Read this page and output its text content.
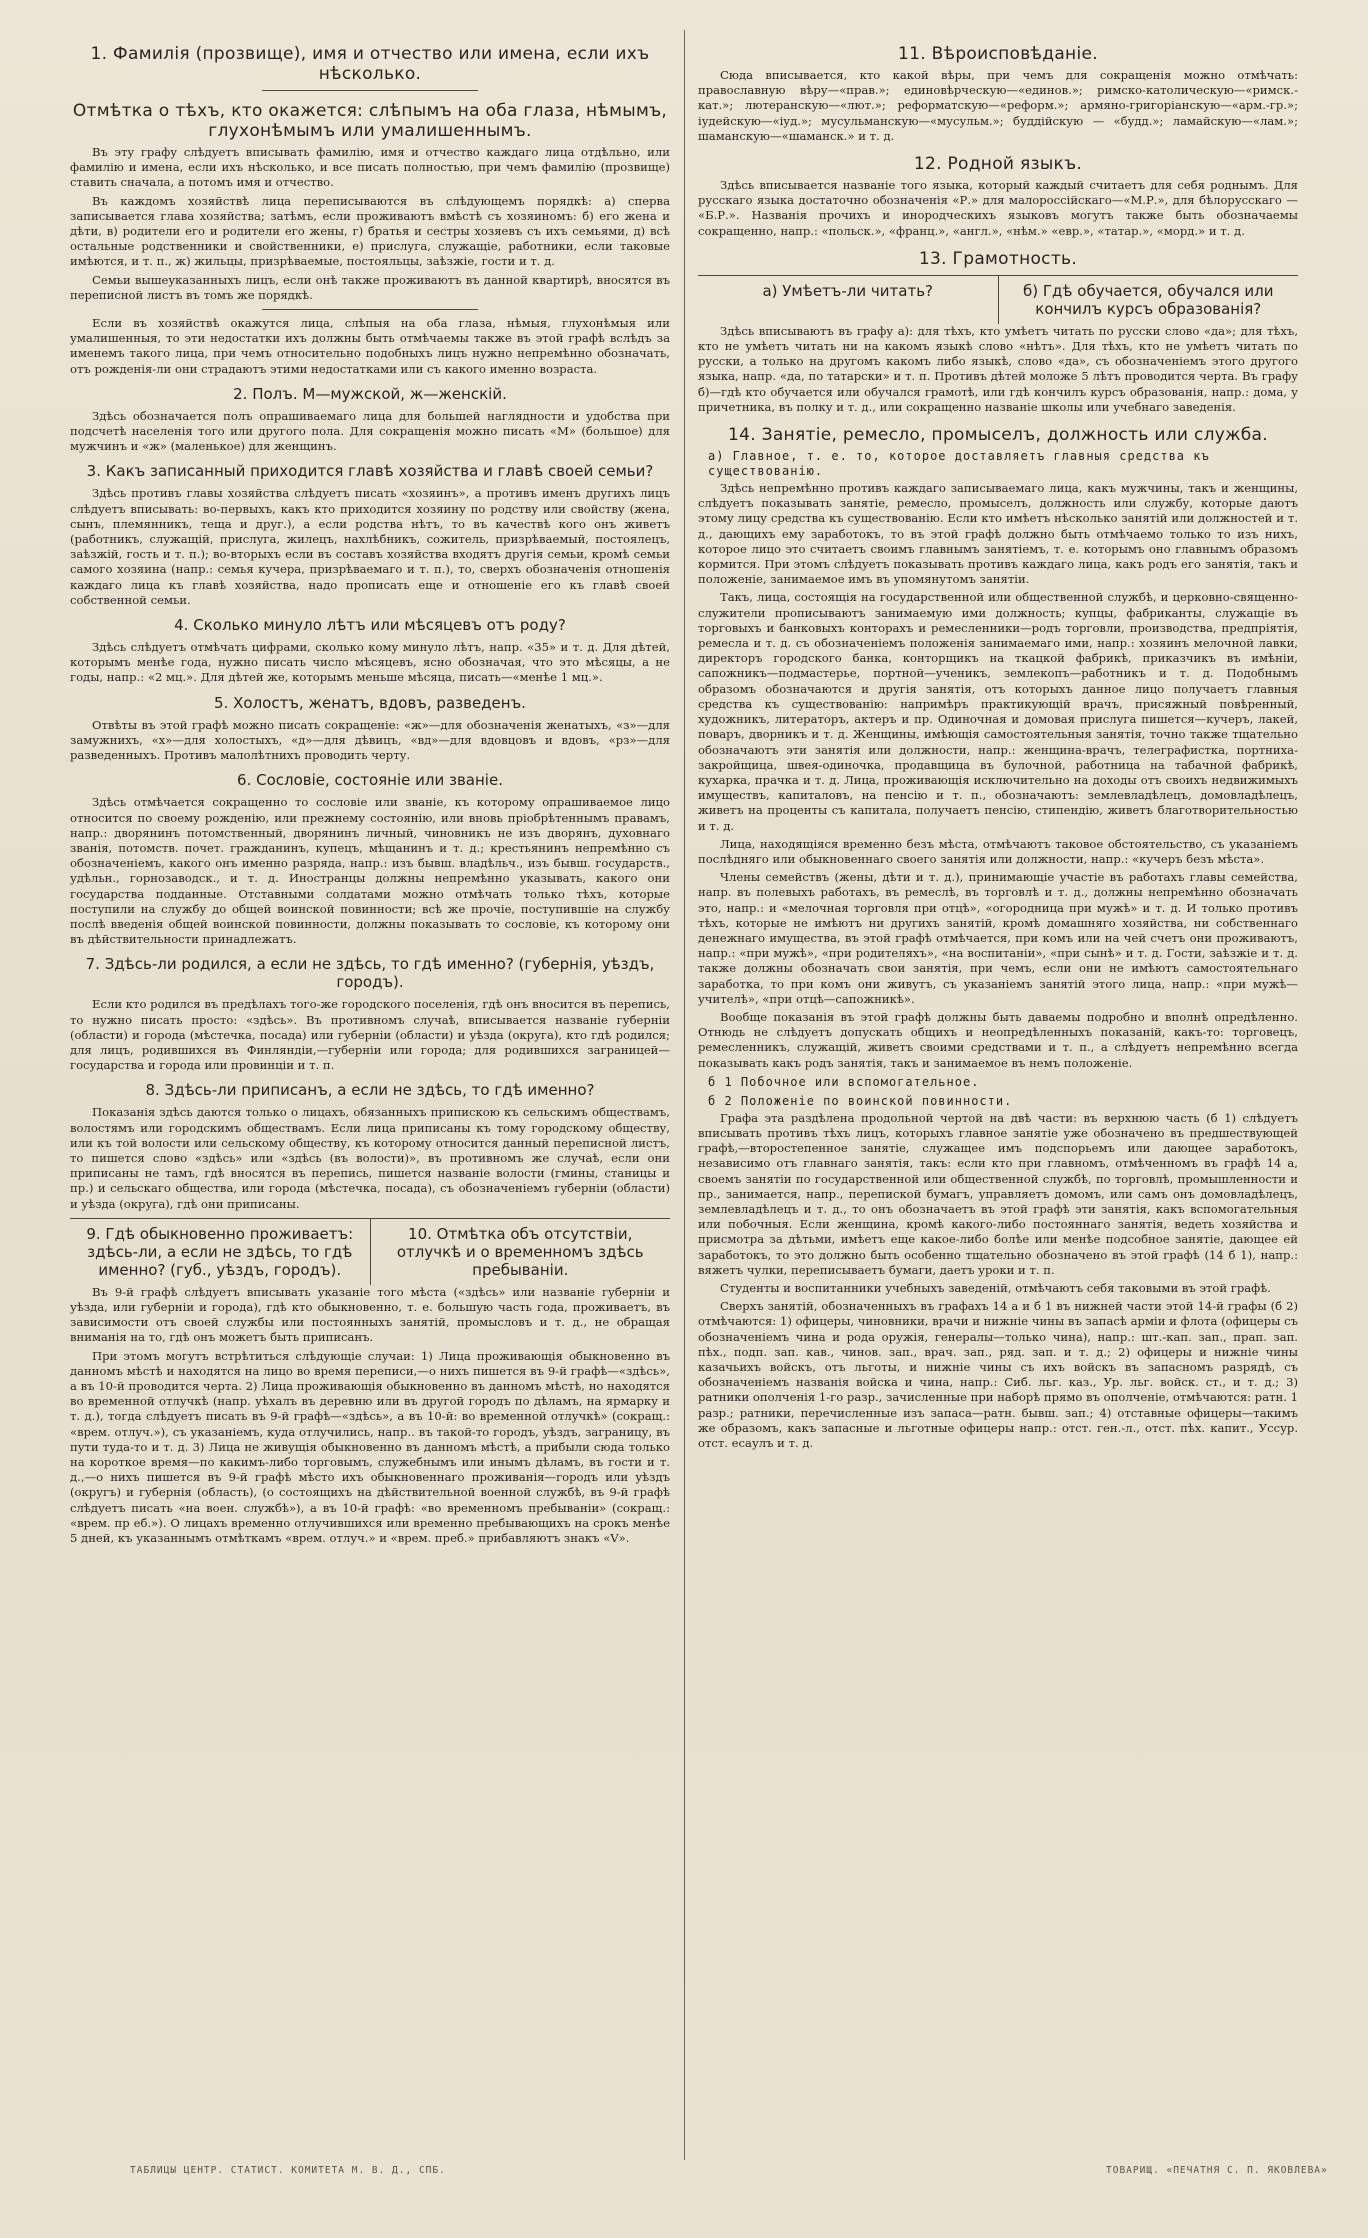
1. Фамилія (прозвище), имя и отчество или имена, если ихъ нѣсколько.
Отмѣтка о тѣхъ, кто окажется: слѣпымъ на оба глаза, нѣмымъ, глухонѣмымъ или умалишеннымъ.

Въ эту графу слѣдуетъ вписывать фамилію, имя и отчество каждаго лица отдѣльно, или фамилію и имена, если ихъ нѣсколько, и все писать полностью, при чемъ фамилію (прозвище) ставить сначала, а потомъ имя и отчество.

Въ каждомъ хозяйствѣ лица переписываются въ слѣдующемъ порядкѣ: а) сперва записывается глава хозяйства; затѣмъ, если проживаютъ вмѣстѣ съ хозяиномъ: б) его жена и дѣти, в) родители его и родители его жены, г) братья и сестры хозяевъ съ ихъ семьями, д) всѣ остальные родственники и свойственники, е) прислуга, служащіе, работники, если таковые имѣются, и т. п., ж) жильцы, призрѣваемые, постояльцы, заѣзжіе, гости и т. д.

Семьи вышеуказанныхъ лицъ, если онѣ также проживаютъ въ данной квартирѣ, вносятся въ переписной листъ въ томъ же порядкѣ.

Если въ хозяйствѣ окажутся лица, слѣпыя на оба глаза, нѣмыя, глухонѣмыя или умалишенныя, то эти недостатки ихъ должны быть отмѣчаемы также въ этой графѣ вслѣдъ за именемъ такого лица, при чемъ относительно подобныхъ лицъ нужно непремѣнно обозначать, отъ рожденія-ли они страдаютъ этими недостатками или съ какого именно возраста.

2. Полъ. М—мужской, ж—женскій.

Здѣсь обозначается полъ опрашиваемаго лица для большей наглядности и удобства при подсчетѣ населенія того или другого пола. Для сокращенія можно писать «М» (большое) для мужчинъ и «ж» (маленькое) для женщинъ.

3. Какъ записанный приходится главѣ хозяйства и главѣ своей семьи?

Здѣсь противъ главы хозяйства слѣдуетъ писать «хозяинъ», а противъ именъ другихъ лицъ слѣдуетъ вписывать: во-первыхъ, какъ кто приходится хозяину по родству или свойству (жена, сынъ, племянникъ, теща и друг.), а если родства нѣтъ, то въ качествѣ кого онъ живетъ (работникъ, служащій, прислуга, жилецъ, нахлѣбникъ, сожитель, призрѣваемый, постоялецъ, заѣзжій, гость и т. п.); во-вторыхъ если въ составъ хозяйства входятъ другія семьи, кромѣ семьи самого хозяина (напр.: семья кучера, призрѣваемаго и т. п.), то, сверхъ обозначенія отношенія каждаго лица къ главѣ хозяйства, надо прописать еще и отношеніе его къ главѣ своей собственной семьи.

4. Сколько минуло лѣтъ или мѣсяцевъ отъ роду?

Здѣсь слѣдуетъ отмѣчать цифрами, сколько кому минуло лѣтъ, напр. «35» и т. д. Для дѣтей, которымъ менѣе года, нужно писать число мѣсяцевъ, ясно обозначая, что это мѣсяцы, а не годы, напр.: «2 мц.». Для дѣтей же, которымъ меньше мѣсяца, писать—«менѣе 1 мц.».

5. Холостъ, женатъ, вдовъ, разведенъ.

Отвѣты въ этой графѣ можно писать сокращеніе: «ж»—для обозначенія женатыхъ, «з»—для замужнихъ, «х»—для холостыхъ, «д»—для дѣвицъ, «вд»—для вдовцовъ и вдовъ, «рз»—для разведенныхъ. Противъ малолѣтнихъ проводить черту.

6. Сословіе, состояніе или званіе.

Здѣсь отмѣчается сокращенно то сословіе или званіе, къ которому опрашиваемое лицо относится по своему рожденію, или прежнему состоянію, или вновь пріобрѣтеннымъ правамъ, напр.: дворянинъ потомственный, дворянинъ личный, чиновникъ не изъ дворянъ, духовнаго званія, потомств. почет. гражданинъ, купецъ, мѣщанинъ и т. д.; крестьянинъ непремѣнно съ обозначеніемъ, какого онъ именно разряда, напр.: изъ бывш. владѣльч., изъ бывш. государств., удѣльн., горнозаводск., и т. д. Иностранцы должны непремѣнно указывать, какого они государства подданные. Отставными солдатами можно отмѣчать только тѣхъ, которые поступили на службу до общей воинской повинности; всѣ же прочіе, поступившіе на службу послѣ введенія общей воинской повинности, должны показывать то сословіе, къ которому они въ дѣйствительности принадлежатъ.

7. Здѣсь-ли родился, а если не здѣсь, то гдѣ именно? (губернія, уѣздъ, городъ).

Если кто родился въ предѣлахъ того-же городского поселенія, гдѣ онъ вносится въ перепись, то нужно писать просто: «здѣсь». Въ противномъ случаѣ, вписывается названіе губерніи (области) и города (мѣстечка, посада) или губерніи (области) и уѣзда (округа), кто гдѣ родился; для лицъ, родившихся въ Финляндіи,—губерніи или города; для родившихся заграницей—государства и города или провинціи и т. п.

8. Здѣсь-ли приписанъ, а если не здѣсь, то гдѣ именно?

Показанія здѣсь даются только о лицахъ, обязанныхъ припискою къ сельскимъ обществамъ, волостямъ или городскимъ обществамъ. Если лица приписаны къ тому городскому обществу, или къ той волости или сельскому обществу, къ которому относится данный переписной листъ, то пишется слово «здѣсь» или «здѣсь (въ волости)», въ противномъ же случаѣ, если они приписаны не тамъ, гдѣ вносятся въ перепись, пишется названіе волости (гмины, станицы и пр.) и сельскаго общества, или города (мѣстечка, посада), съ обозначеніемъ губерніи (области) и уѣзда (округа), гдѣ они приписаны.

9. Гдѣ обыкновенно проживаетъ: здѣсь-ли, а если не здѣсь, то гдѣ именно? (губ., уѣздъ, городъ).
10. Отмѣтка объ отсутствіи, отлучкѣ и о временномъ здѣсь пребываніи.

Въ 9-й графѣ слѣдуетъ вписывать указаніе того мѣста («здѣсь» или названіе губерніи и уѣзда, или губерніи и города), гдѣ кто обыкновенно, т. е. большую часть года, проживаетъ, въ зависимости отъ своей службы или постоянныхъ занятій, промысловъ и т. д., не обращая вниманія на то, гдѣ онъ можетъ быть приписанъ.

При этомъ могутъ встрѣтиться слѣдующіе случаи: 1) Лица проживающія обыкновенно въ данномъ мѣстѣ и находятся на лицо во время переписи,—о нихъ пишется въ 9-й графѣ—«здѣсь», а въ 10-й проводится черта. 2) Лица проживающія обыкновенно въ данномъ мѣстѣ, но находятся во временной отлучкѣ (напр. уѣхалъ въ деревню или въ другой городъ по дѣламъ, на ярмарку и т. д.), тогда слѣдуетъ писать въ 9-й графѣ—«здѣсь», а въ 10-й: во временной отлучкѣ» (сокращ.: «врем. отлуч.»), съ указаніемъ, куда отлучились, напр.. въ такой-то городъ, уѣздъ, заграницу, въ пути туда-то и т. д. 3) Лица не живущія обыкновенно въ данномъ мѣстѣ, а прибыли сюда только на короткое время—по какимъ-либо торговымъ, служебнымъ или инымъ дѣламъ, въ гости и т. д.,—о нихъ пишется въ 9-й графѣ мѣсто ихъ обыкновеннаго проживанія—городъ или уѣздъ (округъ) и губернія (область), (о состоящихъ на дѣйствительной военной службѣ, въ 9-й графѣ слѣдуетъ писать «на воен. службѣ»), а въ 10-й графѣ: «во временномъ пребываніи» (сокращ.: «врем. пр еб.»). О лицахъ временно отлучившихся или временно пребывающихъ на срокъ менѣе 5 дней, къ указаннымъ отмѣткамъ «врем. отлуч.» и «врем. преб.» прибавляютъ знакъ «V».

11. Вѣроисповѣданіе.

Сюда вписывается, кто какой вѣры, при чемъ для сокращенія можно отмѣчать: православную вѣру—«прав.»; единовѣрческую—«единов.»; римско-католическую—«римск.-кат.»; лютеранскую—«лют.»; реформатскую—«реформ.»; армяно-григоріанскую—«арм.-гр.»; іудейскую—«іуд.»; мусульманскую—«мусульм.»; буддійскую — «будд.»; ламайскую—«лам.»; шаманскую—«шаманск.» и т. д.

12. Родной языкъ.

Здѣсь вписывается названіе того языка, который каждый считаетъ для себя роднымъ. Для русскаго языка достаточно обозначенія «Р.» для малороссійскаго—«М.Р.», для бѣлорусскаго — «Б.Р.». Названія прочихъ и инородческихъ языковъ могутъ также быть обозначаемы сокращенно, напр.: «польск.», «франц.», «англ.», «нѣм.» «евр.», «татар.», «морд.» и т. д.

13. Грамотность.
а) Умѣетъ-ли читать?	б) Гдѣ обучается, обучался или кончилъ курсъ образованія?

Здѣсь вписываютъ въ графу а): для тѣхъ, кто умѣетъ читать по русски слово «да»; для тѣхъ, кто не умѣетъ читать ни на какомъ языкѣ слово «нѣтъ». Для тѣхъ, кто не умѣетъ читать по русски, а только на другомъ какомъ либо языкѣ, слово «да», съ обозначеніемъ этого другого языка, напр. «да, по татарски» и т. п. Противъ дѣтей моложе 5 лѣтъ проводится черта. Въ графу б)—гдѣ кто обучается или обучался грамотѣ, или гдѣ кончилъ курсъ образованія, напр.: дома, у причетника, въ полку и т. д., или сокращенно названіе школы или учебнаго заведенія.

14. Занятіе, ремесло, промыселъ, должность или служба.
а) Главное, т. е. то, которое доставляетъ главныя средства къ существованію.

Здѣсь непремѣнно противъ каждаго записываемаго лица, какъ мужчины, такъ и женщины, слѣдуетъ показывать занятіе, ремесло, промыселъ, должность или службу, которые даютъ этому лицу средства къ существованію. Если кто имѣетъ нѣсколько занятій или должностей и т. д., дающихъ ему заработокъ, то въ этой графѣ должно быть отмѣчаемо только то изъ нихъ, которое лицо это считаетъ своимъ главнымъ занятіемъ, т. е. которымъ оно главнымъ образомъ кормится. При этомъ слѣдуетъ показывать противъ каждаго лица, какъ родъ его занятія, такъ и положеніе, занимаемое имъ въ упомянутомъ занятіи.

Такъ, лица, состоящія на государственной или общественной службѣ, и церковно-священно-служители прописываютъ занимаемую ими должность; купцы, фабриканты, служащіе въ торговыхъ и банковыхъ конторахъ и ремесленники—родъ торговли, производства, предпріятія, ремесла и т. д. съ обозначеніемъ положенія занимаемаго ими, напр.: хозяинъ мелочной лавки, директоръ городского банка, конторщикъ на ткацкой фабрикѣ, приказчикъ въ имѣніи, сапожникъ—подмастерье, портной—ученикъ, землекопъ—работникъ и т. д. Подобнымъ образомъ обозначаются и другія занятія, отъ которыхъ данное лицо получаетъ главныя средства къ существованію: напримѣръ практикующій врачъ, присяжный повѣренный, художникъ, литераторъ, актеръ и пр. Одиночная и домовая прислуга пишется—кучеръ, лакей, поваръ, дворникъ и т. д. Женщины, имѣющія самостоятельныя занятія, точно также тщательно обозначаютъ эти занятія или должности, напр.: женщина-врачъ, телеграфистка, портниха-закройщица, швея-одиночка, продавщица въ булочной, работница на табачной фабрикѣ, кухарка, прачка и т. д. Лица, проживающія исключительно на доходы отъ своихъ недвижимыхъ имуществъ, капиталовъ, на пенсію и т. п., обозначаютъ: землевладѣлецъ, домовладѣлецъ, живетъ на проценты съ капитала, получаетъ пенсію, стипендію, живетъ благотворительностью и т. д.

Лица, находящіяся временно безъ мѣста, отмѣчаютъ таковое обстоятельство, съ указаніемъ послѣдняго или обыкновеннаго своего занятія или должности, напр.: «кучеръ безъ мѣста».

Члены семействъ (жены, дѣти и т. д.), принимающіе участіе въ работахъ главы семейства, напр. въ полевыхъ работахъ, въ ремеслѣ, въ торговлѣ и т. д., должны непремѣнно обозначать это, напр.: и «мелочная торговля при отцѣ», «огородница при мужѣ» и т. д. И только противъ тѣхъ, которые не имѣютъ ни другихъ занятій, кромѣ домашняго хозяйства, ни собственнаго денежнаго имущества, въ этой графѣ отмѣчается, при комъ или на чей счетъ они проживаютъ, напр.: «при мужѣ», «при родителяхъ», «на воспитаніи», «при сынѣ» и т. д. Гости, заѣзжіе и т. д. также должны обозначать свои занятія, при чемъ, если они не имѣютъ самостоятельнаго заработка, то при комъ они живутъ, съ указаніемъ занятій этого лица, напр.: «при мужѣ—учителѣ», «при отцѣ—сапожникѣ».

Вообще показанія въ этой графѣ должны быть даваемы подробно и вполнѣ опредѣленно. Отнюдь не слѣдуетъ допускать общихъ и неопредѣленныхъ показаній, какъ-то: торговецъ, ремесленникъ, служащій, живетъ своими средствами и т. п., а слѣдуетъ непремѣнно всегда показывать какъ родъ занятія, такъ и занимаемое въ немъ положеніе.

б 1 Побочное или вспомогательное.
б 2 Положеніе по воинской повинности.

Графа эта раздѣлена продольной чертой на двѣ части: въ верхнюю часть (б 1) слѣдуетъ вписывать противъ тѣхъ лицъ, которыхъ главное занятіе уже обозначено въ предшествующей графѣ,—второстепенное занятіе, служащее имъ подспорьемъ или дающее заработокъ, независимо отъ главнаго занятія, такъ: если кто при главномъ, отмѣченномъ въ графѣ 14 а, своемъ занятіи по государственной или общественной службѣ, по торговлѣ, промышленности и пр., занимается, напр., перепиской бумагъ, управляетъ домомъ, или самъ онъ домовладѣлецъ, землевладѣлецъ и т. д., то онъ обозначаетъ въ этой графѣ эти занятія, какъ вспомогательныя или побочныя. Если женщина, кромѣ какого-либо постояннаго занятія, ведеть хозяйства и присмотра за дѣтьми, имѣетъ еще какое-либо болѣе или менѣе подсобное занятіе, дающее ей заработокъ, то это должно быть особенно тщательно обозначено въ этой графѣ (14 б 1), напр.: вяжетъ чулки, переписываетъ бумаги, даетъ уроки и т. п.

Студенты и воспитанники учебныхъ заведеній, отмѣчаютъ себя таковыми въ этой графѣ.

Сверхъ занятій, обозначенныхъ въ графахъ 14 а и б 1 въ нижней части этой 14-й графы (б 2) отмѣчаются: 1) офицеры, чиновники, врачи и нижніе чины въ запасѣ арміи и флота (офицеры съ обозначеніемъ чина и рода оружія, генералы—только чина), напр.: шт.-кап. зап., прап. зап. пѣх., подп. зап. кав., чинов. зап., врач. зап., ряд. зап. и т. д.; 2) офицеры и нижніе чины казачьихъ войскъ, отъ льготы, и нижніе чины съ ихъ войскъ въ запасномъ разрядѣ, съ обозначеніемъ названія войска и чина, напр.: Сиб. льг. каз., Ур. льг. войск. ст., и т. д.; 3) ратники ополченія 1-го разр., зачисленные при наборѣ прямо въ ополченіе, отмѣчаются: ратн. 1 разр.; ратники, перечисленные изъ запаса—ратн. бывш. зап.; 4) отставные офицеры—такимъ же образомъ, какъ запасные и льготные офицеры напр.: отст. ген.-л., отст. пѣх. капит., Уссур. отст. есаулъ и т. д.

ТАБЛИЦЫ ЦЕНТР. СТАТИСТ. КОМИТЕТА М. В. Д., СПБ.	ТОВАРИЩ. «ПЕЧАТНЯ С. П. ЯКОВЛЕВА»
